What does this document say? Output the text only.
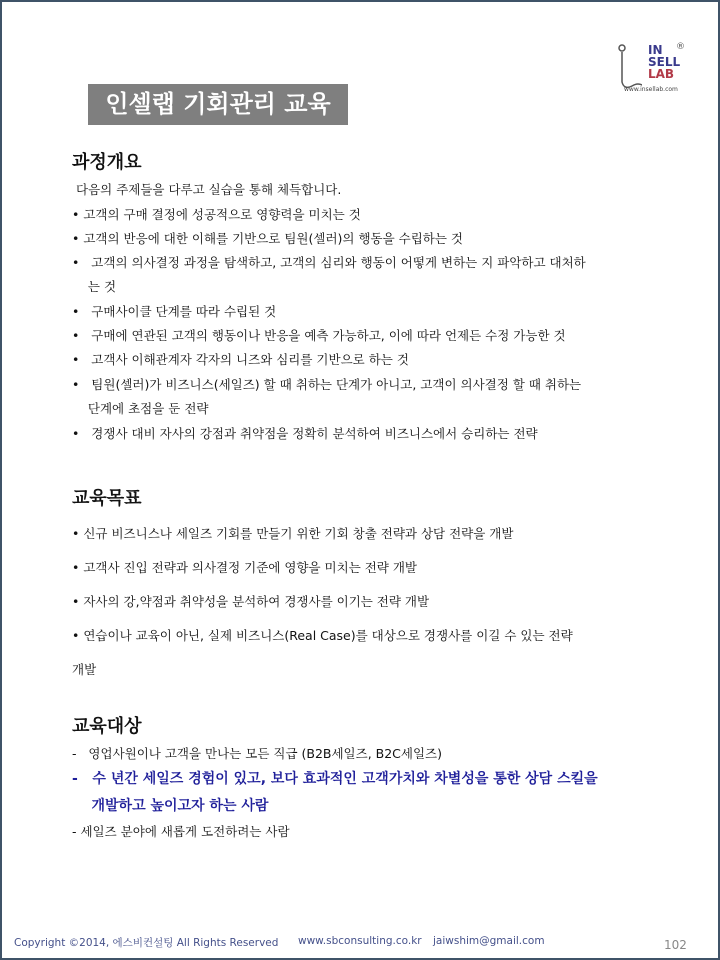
IN ®
SELL
LAB
www.insellab.com
인셀랩 기회관리 교육
과정개요
다음의 주제들을 다루고 실습을 통해 체득합니다.
• 고객의 구매 결정에 성공적으로 영향력을 미치는 것
• 고객의 반응에 대한 이해를 기반으로 팀원(셀러)의 행동을 수립하는 것
•   고객의 의사결정 과정을 탐색하고, 고객의 심리와 행동이 어떻게 변하는 지 파악하고 대처하
는 것
•   구매사이클 단계를 따라 수립된 것
•   구매에 연관된 고객의 행동이나 반응을 예측 가능하고, 이에 따라 언제든 수정 가능한 것
•   고객사 이해관계자 각자의 니즈와 심리를 기반으로 하는 것
•   팀원(셀러)가 비즈니스(세일즈) 할 때 취하는 단계가 아니고, 고객이 의사결정 할 때 취하는
단계에 초점을 둔 전략
•   경쟁사 대비 자사의 강점과 취약점을 정확히 분석하여 비즈니스에서 승리하는 전략
교육목표
• 신규 비즈니스나 세일즈 기회를 만들기 위한 기회 창출 전략과 상담 전략을 개발
• 고객사 진입 전략과 의사결정 기준에 영향을 미치는 전략 개발
• 자사의 강,약점과 취약성을 분석하여 경쟁사를 이기는 전략 개발
• 연습이나 교육이 아닌, 실제 비즈니스(Real Case)를 대상으로 경쟁사를 이길 수 있는 전략
개발
교육대상
-   영업사원이나 고객을 만나는 모든 직급 (B2B세일즈, B2C세일즈)
-   수 년간 세일즈 경험이 있고, 보다 효과적인 고객가치와 차별성을 통한 상담 스킬을
개발하고 높이고자 하는 사람
- 세일즈 분야에 새롭게 도전하려는 사람
Copyright ©2014, 에스비컨설팅 All Rights Reserved www.sbconsulting.co.kr jaiwshim@gmail.com	102
